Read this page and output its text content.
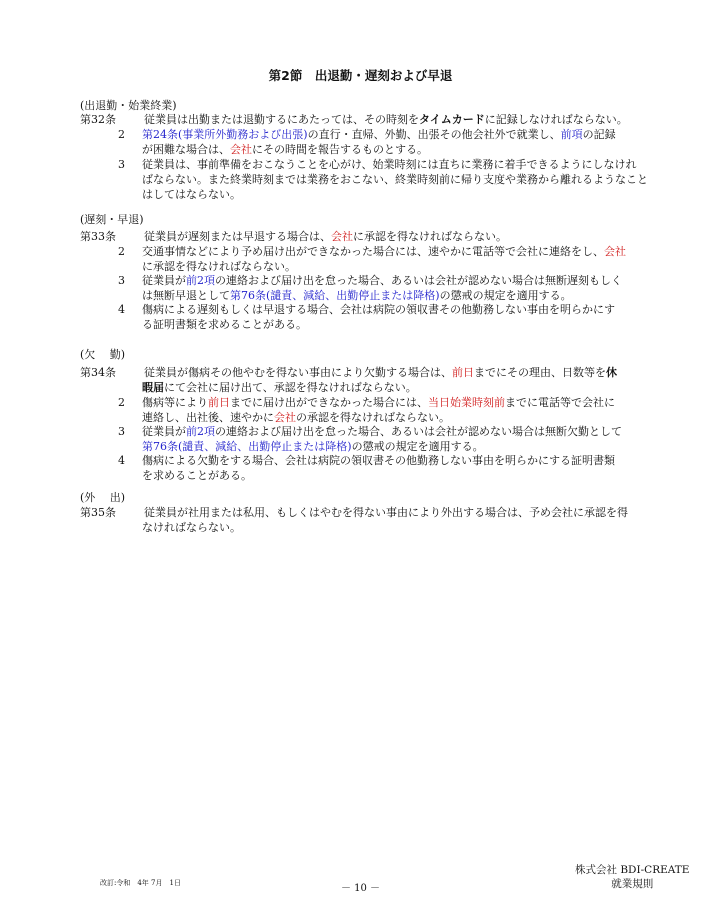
第2節　出退勤・遅刻および早退
(出退勤・始業終業)
第32条	従業員は出勤または退勤するにあたっては、その時刻をタイムカードに記録しなければならない。
2 第24条(事業所外勤務および出張)の直行・直帰、外勤、出張その他会社外で就業し、前項の記録
が困難な場合は、会社にその時間を報告するものとする。
3 従業員は、事前準備をおこなうことを心がけ、始業時刻には直ちに業務に着手できるようにしなけれ
ばならない。また終業時刻までは業務をおこない、終業時刻前に帰り支度や業務から離れるようなこと
はしてはならない。
(遅刻・早退)
第33条	従業員が遅刻または早退する場合は、会社に承認を得なければならない。
2 交通事情などにより予め届け出ができなかった場合には、速やかに電話等で会社に連絡をし、会社
に承認を得なければならない。
3 従業員が前2項の連絡および届け出を怠った場合、あるいは会社が認めない場合は無断遅刻もしく
は無断早退として第76条(譴責、減給、出勤停止または降格)の懲戒の規定を適用する。
4 傷病による遅刻もしくは早退する場合、会社は病院の領収書その他勤務しない事由を明らかにす
る証明書類を求めることがある。
(欠　 勤)
第34条	従業員が傷病その他やむを得ない事由により欠勤する場合は、前日までにその理由、日数等を休
暇届にて会社に届け出て、承認を得なければならない。
2 傷病等により前日までに届け出ができなかった場合には、当日始業時刻前までに電話等で会社に
連絡し、出社後、速やかに会社の承認を得なければならない。
3 従業員が前2項の連絡および届け出を怠った場合、あるいは会社が認めない場合は無断欠勤として
第76条(譴責、減給、出勤停止または降格)の懲戒の規定を適用する。
4 傷病による欠勤をする場合、会社は病院の領収書その他勤務しない事由を明らかにする証明書類
を求めることがある。
(外　 出)
第35条	従業員が社用または私用、もしくはやむを得ない事由により外出する場合は、予め会社に承認を得
なければならない。
改訂:令和　4年 7月　1日	－ 10 －
株式会社 BDI-CREATE
就業規則
